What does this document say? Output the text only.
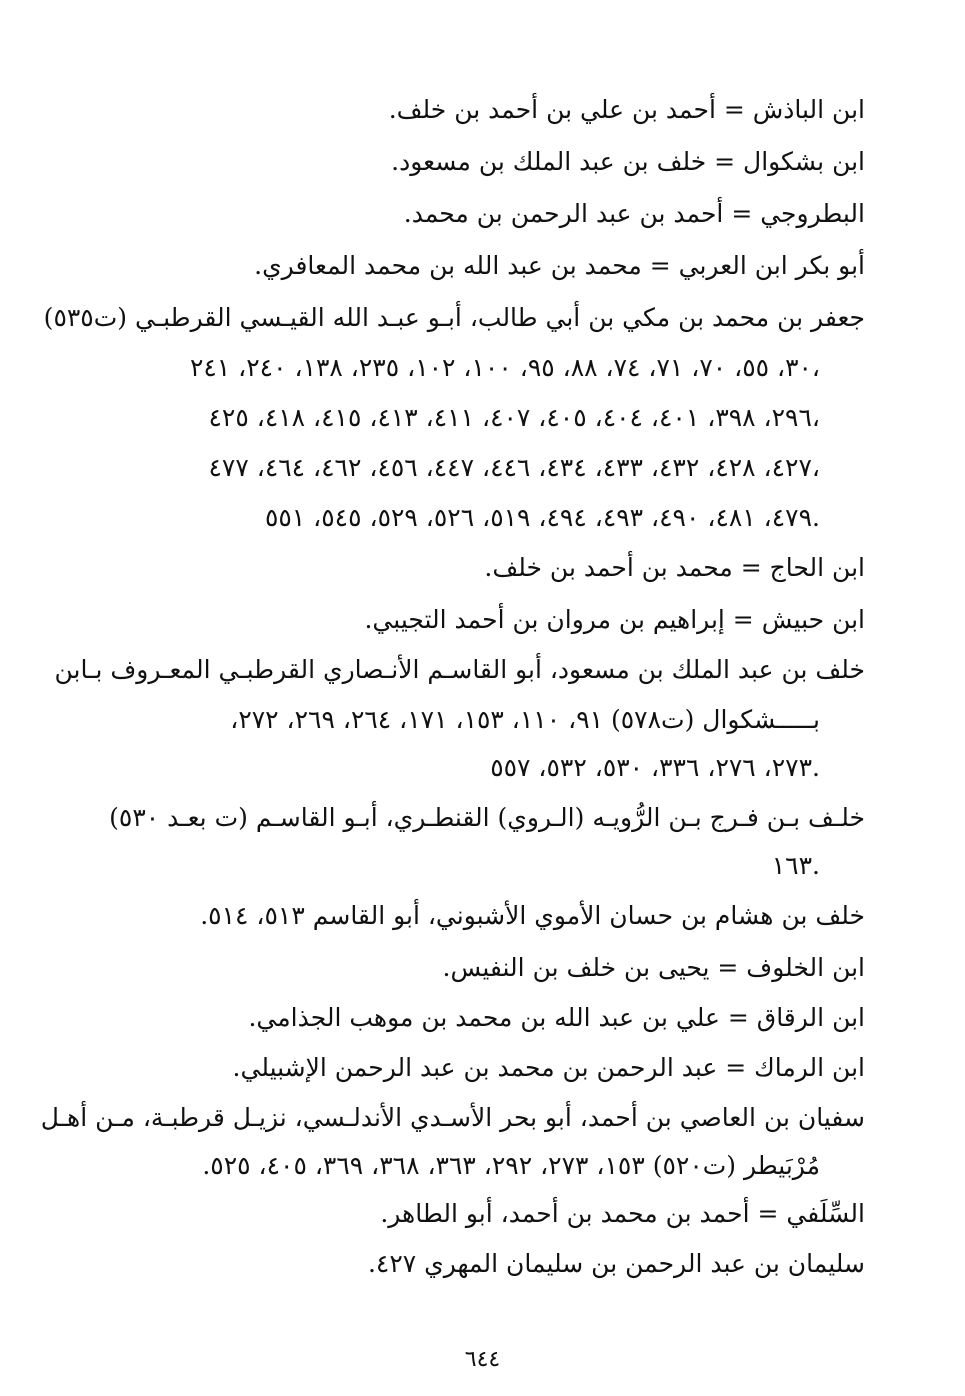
ابن الباذش = أحمد بن علي بن أحمد بن خلف.
ابن بشكوال = خلف بن عبد الملك بن مسعود.
البطروجي = أحمد بن عبد الرحمن بن محمد.
أبو بكر ابن العربي = محمد بن عبد الله بن محمد المعافري.
جعفر بن محمد بن مكي بن أبي طالب، أبـو عبـد الله القيـسي القرطبـي (ت٥٣٥)
٣٠، ٥٥، ٧٠، ٧١، ٧٤، ٨٨، ٩٥، ١٠٠، ١٠٢، ٢٣٥، ١٣٨، ٢٤٠، ٢٤١،
٢٩٦، ٣٩٨، ٤٠١، ٤٠٤، ٤٠٥، ٤٠٧، ٤١١، ٤١٣، ٤١٥، ٤١٨، ٤٢٥،
٤٢٧، ٤٢٨، ٤٣٢، ٤٣٣، ٤٣٤، ٤٤٦، ٤٤٧، ٤٥٦، ٤٦٢، ٤٦٤، ٤٧٧،
٤٧٩، ٤٨١، ٤٩٠، ٤٩٣، ٤٩٤، ٥١٩، ٥٢٦، ٥٢٩، ٥٤٥، ٥٥١.
ابن الحاج = محمد بن أحمد بن خلف.
ابن حبيش = إبراهيم بن مروان بن أحمد التجيبي.
خلف بن عبد الملك بن مسعود، أبو القاسـم الأنـصاري القرطبـي المعـروف بـابن
بـــــشكوال (ت٥٧٨) ٩١، ١١٠، ١٥٣، ١٧١، ٢٦٤، ٢٦٩، ٢٧٢،
٢٧٣، ٢٧٦، ٣٣٦، ٥٣٠، ٥٣٢، ٥٥٧.
خلـف بـن فـرج بـن الرُّويـه (الـروي) القنطـري، أبـو القاسـم (ت بعـد ٥٣٠)
١٦٣.
خلف بن هشام بن حسان الأموي الأشبوني، أبو القاسم ٥١٣، ٥١٤.
ابن الخلوف = يحيى بن خلف بن النفيس.
ابن الرقاق = علي بن عبد الله بن محمد بن موهب الجذامي.
ابن الرماك = عبد الرحمن بن محمد بن عبد الرحمن الإشبيلي.
سفيان بن العاصي بن أحمد، أبو بحر الأسـدي الأندلـسي، نزيـل قرطبـة، مـن أهـل
مُرْبَيطر (ت٥٢٠) ١٥٣، ٢٧٣، ٢٩٢، ٣٦٣، ٣٦٨، ٣٦٩، ٤٠٥، ٥٢٥.
السِّلَفي = أحمد بن محمد بن أحمد، أبو الطاهر.
سليمان بن عبد الرحمن بن سليمان المهري ٤٢٧.
٦٤٤
